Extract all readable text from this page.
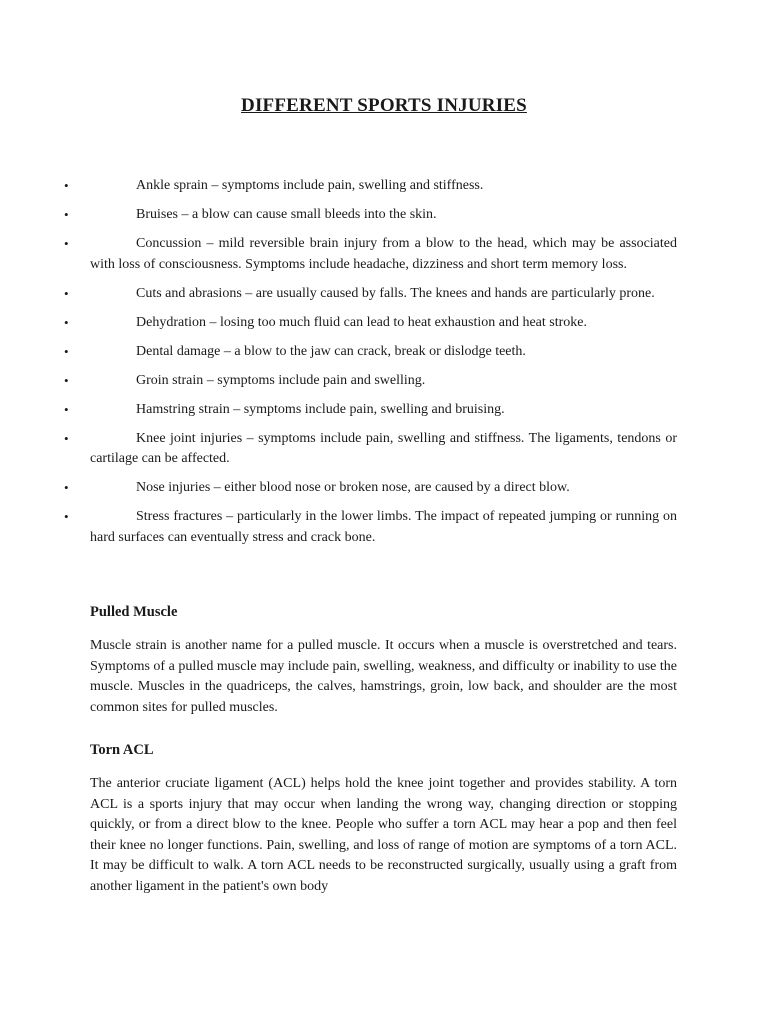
DIFFERENT SPORTS INJURIES
•	Ankle sprain – symptoms include pain, swelling and stiffness.
•	Bruises – a blow can cause small bleeds into the skin.
•	Concussion – mild reversible brain injury from a blow to the head, which may be associated with loss of consciousness. Symptoms include headache, dizziness and short term memory loss.
•	Cuts and abrasions – are usually caused by falls. The knees and hands are particularly prone.
•	Dehydration – losing too much fluid can lead to heat exhaustion and heat stroke.
•	Dental damage – a blow to the jaw can crack, break or dislodge teeth.
•	Groin strain – symptoms include pain and swelling.
•	Hamstring strain – symptoms include pain, swelling and bruising.
•	Knee joint injuries – symptoms include pain, swelling and stiffness. The ligaments, tendons or cartilage can be affected.
•	Nose injuries – either blood nose or broken nose, are caused by a direct blow.
•	Stress fractures – particularly in the lower limbs. The impact of repeated jumping or running on hard surfaces can eventually stress and crack bone.
Pulled Muscle
Muscle strain is another name for a pulled muscle. It occurs when a muscle is overstretched and tears. Symptoms of a pulled muscle may include pain, swelling, weakness, and difficulty or inability to use the muscle. Muscles in the quadriceps, the calves, hamstrings, groin, low back, and shoulder are the most common sites for pulled muscles.
Torn ACL
The anterior cruciate ligament (ACL) helps hold the knee joint together and provides stability. A torn ACL is a sports injury that may occur when landing the wrong way, changing direction or stopping quickly, or from a direct blow to the knee. People who suffer a torn ACL may hear a pop and then feel their knee no longer functions. Pain, swelling, and loss of range of motion are symptoms of a torn ACL. It may be difficult to walk. A torn ACL needs to be reconstructed surgically, usually using a graft from another ligament in the patient's own body
